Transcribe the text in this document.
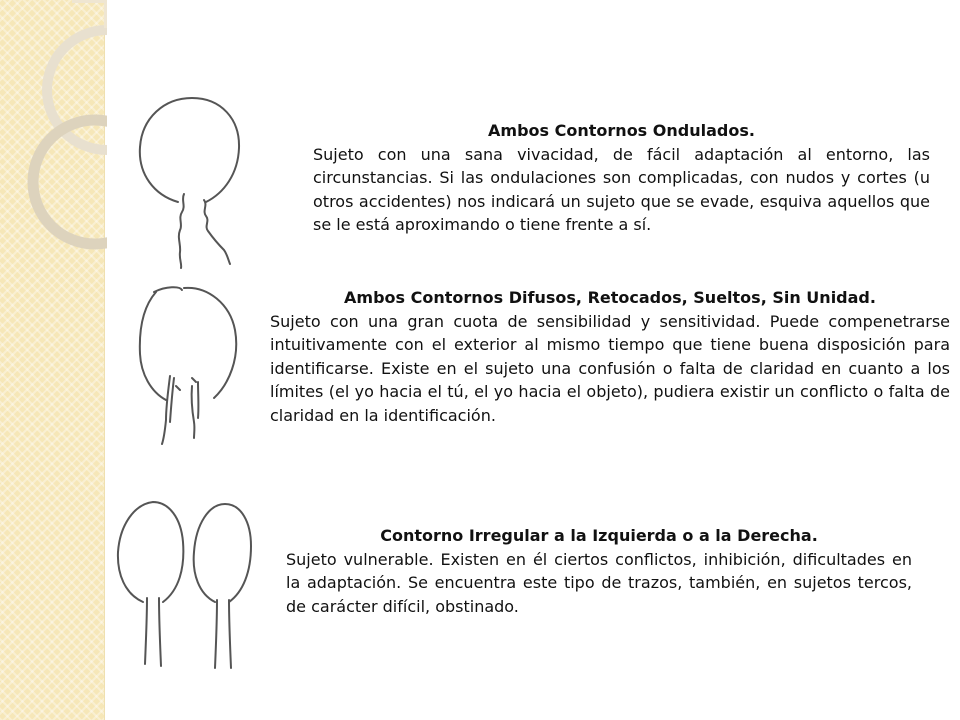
Ambos Contornos Ondulados.

Sujeto con una sana vivacidad, de fácil adaptación al entorno, las circunstancias. Si las ondulaciones son complicadas, con nudos y cortes (u otros accidentes) nos indicará un sujeto que se evade, esquiva aquellos que se le está aproximando o tiene frente a sí.

Ambos Contornos Difusos, Retocados, Sueltos, Sin Unidad.

Sujeto con una gran cuota de sensibilidad y sensitividad. Puede compenetrarse intuitivamente con el exterior al mismo tiempo que tiene buena disposición para identificarse. Existe en el sujeto una confusión o falta de claridad en cuanto a los límites (el yo hacia el tú, el yo hacia el objeto), pudiera existir un conflicto o falta de claridad en la identificación.

Contorno Irregular a la Izquierda o a la Derecha.

Sujeto vulnerable. Existen en él ciertos conflictos, inhibición, dificultades en la adaptación. Se encuentra este tipo de trazos, también, en sujetos tercos, de carácter difícil, obstinado.
